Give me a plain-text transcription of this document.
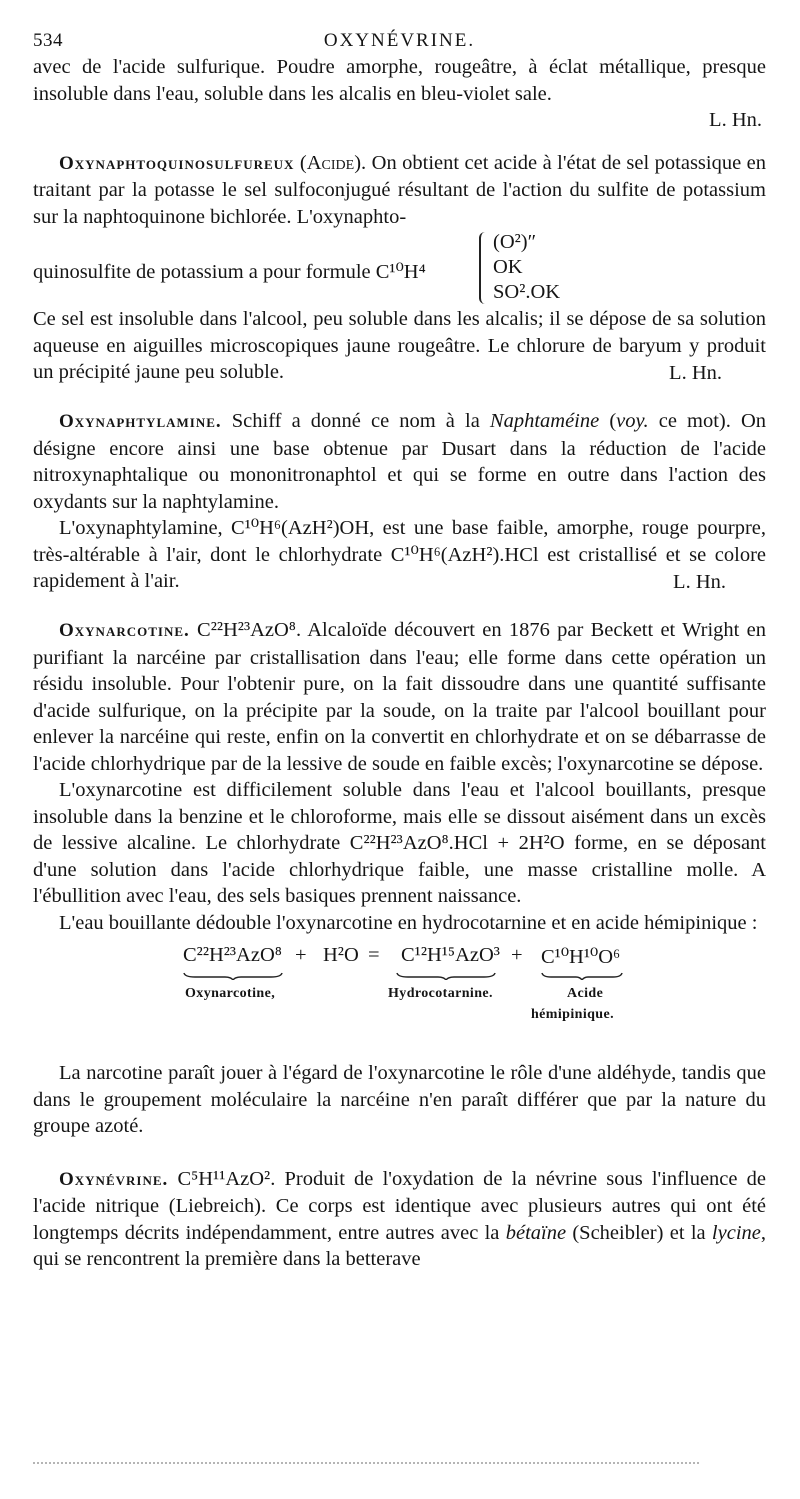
534	OXYNÉVRINE.

avec de l'acide sulfurique. Poudre amorphe, rougeâtre, à éclat métallique, presque insoluble dans l'eau, soluble dans les alcalis en bleu-violet sale.

L. Hn.

Oxynaphtoquinosulfureux (Acide). On obtient cet acide à l'état de sel potassique en traitant par la potasse le sel sulfoconjugué résultant de l'action du sulfite de potassium sur la naphtoquinone bichlorée. L'oxynaphto-

quinosulfite de potassium a pour formule C¹⁰H⁴
(O²)″
OK
SO².OK

Ce sel est insoluble dans l'alcool, peu soluble dans les alcalis; il se dépose de sa solution aqueuse en aiguilles microscopiques jaune rougeâtre. Le chlorure de baryum y produit un précipité jaune peu soluble.	L. Hn.

Oxynaphtylamine. Schiff a donné ce nom à la Naphtaméine (voy. ce mot). On désigne encore ainsi une base obtenue par Dusart dans la réduction de l'acide nitroxynaphtalique ou mononitronaphtol et qui se forme en outre dans l'action des oxydants sur la naphtylamine.

L'oxynaphtylamine, C¹⁰H⁶(AzH²)OH, est une base faible, amorphe, rouge pourpre, très-altérable à l'air, dont le chlorhydrate C¹⁰H⁶(AzH²).HCl est cristallisé et se colore rapidement à l'air.	L. Hn.

Oxynarcotine. C²²H²³AzO⁸. Alcaloïde découvert en 1876 par Beckett et Wright en purifiant la narcéine par cristallisation dans l'eau; elle forme dans cette opération un résidu insoluble. Pour l'obtenir pure, on la fait dissoudre dans une quantité suffisante d'acide sulfurique, on la précipite par la soude, on la traite par l'alcool bouillant pour enlever la narcéine qui reste, enfin on la convertit en chlorhydrate et on se débarrasse de l'acide chlorhydrique par de la lessive de soude en faible excès; l'oxynarcotine se dépose.

L'oxynarcotine est difficilement soluble dans l'eau et l'alcool bouillants, presque insoluble dans la benzine et le chloroforme, mais elle se dissout aisément dans un excès de lessive alcaline. Le chlorhydrate C²²H²³AzO⁸.HCl + 2H²O forme, en se déposant d'une solution dans l'acide chlorhydrique faible, une masse cristalline molle. A l'ébullition avec l'eau, des sels basiques prennent naissance.

L'eau bouillante dédouble l'oxynarcotine en hydrocotarnine et en acide hémipinique :

C²²H²³AzO⁸ + H²O = C¹²H¹⁵AzO³ + C¹⁰H¹⁰O⁶
Oxynarcotine,	Hydrocotarnine.	Acide
hémipinique.

La narcotine paraît jouer à l'égard de l'oxynarcotine le rôle d'une aldéhyde, tandis que dans le groupement moléculaire la narcéine n'en paraît différer que par la nature du groupe azoté.

Oxynévrine. C⁵H¹¹AzO². Produit de l'oxydation de la névrine sous l'influence de l'acide nitrique (Liebreich). Ce corps est identique avec plusieurs autres qui ont été longtemps décrits indépendamment, entre autres avec la bétaïne (Scheibler) et la lycine, qui se rencontrent la première dans la betterave
